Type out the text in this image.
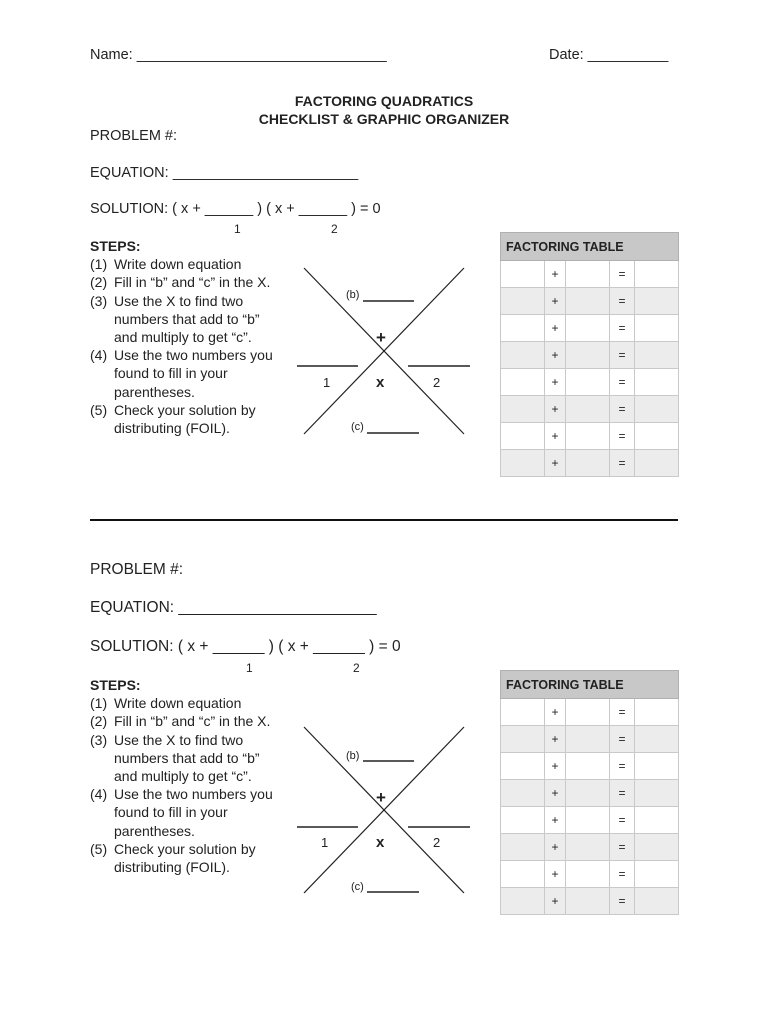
Name: _______________________________	Date: __________
FACTORING QUADRATICS
CHECKLIST & GRAPHIC ORGANIZER
PROBLEM #:
EQUATION: _______________________
SOLUTION: ( x + ______ ) ( x + ______ ) = 0
1	2
STEPS:
(1) Write down equation
(2) Fill in “b” and “c” in the X.
(3) Use the X to find two numbers that add to “b” and multiply to get “c”.
(4) Use the two numbers you found to fill in your parentheses.
(5) Check your solution by distributing (FOIL).
(b)
(c)
+
x
1	2
FACTORING TABLE				
	+		=	
	+		=	
	+		=	
	+		=	
	+		=	
	+		=	
	+		=	
	+		=	
PROBLEM #:
EQUATION: _______________________
SOLUTION: ( x + ______ ) ( x + ______ ) = 0
1	2
STEPS:
(1) Write down equation
(2) Fill in “b” and “c” in the X.
(3) Use the X to find two numbers that add to “b” and multiply to get “c”.
(4) Use the two numbers you found to fill in your parentheses.
(5) Check your solution by distributing (FOIL).
(b)
(c)
+
x
1	2
FACTORING TABLE				
	+		=	
	+		=	
	+		=	
	+		=	
	+		=	
	+		=	
	+		=	
	+		=	
